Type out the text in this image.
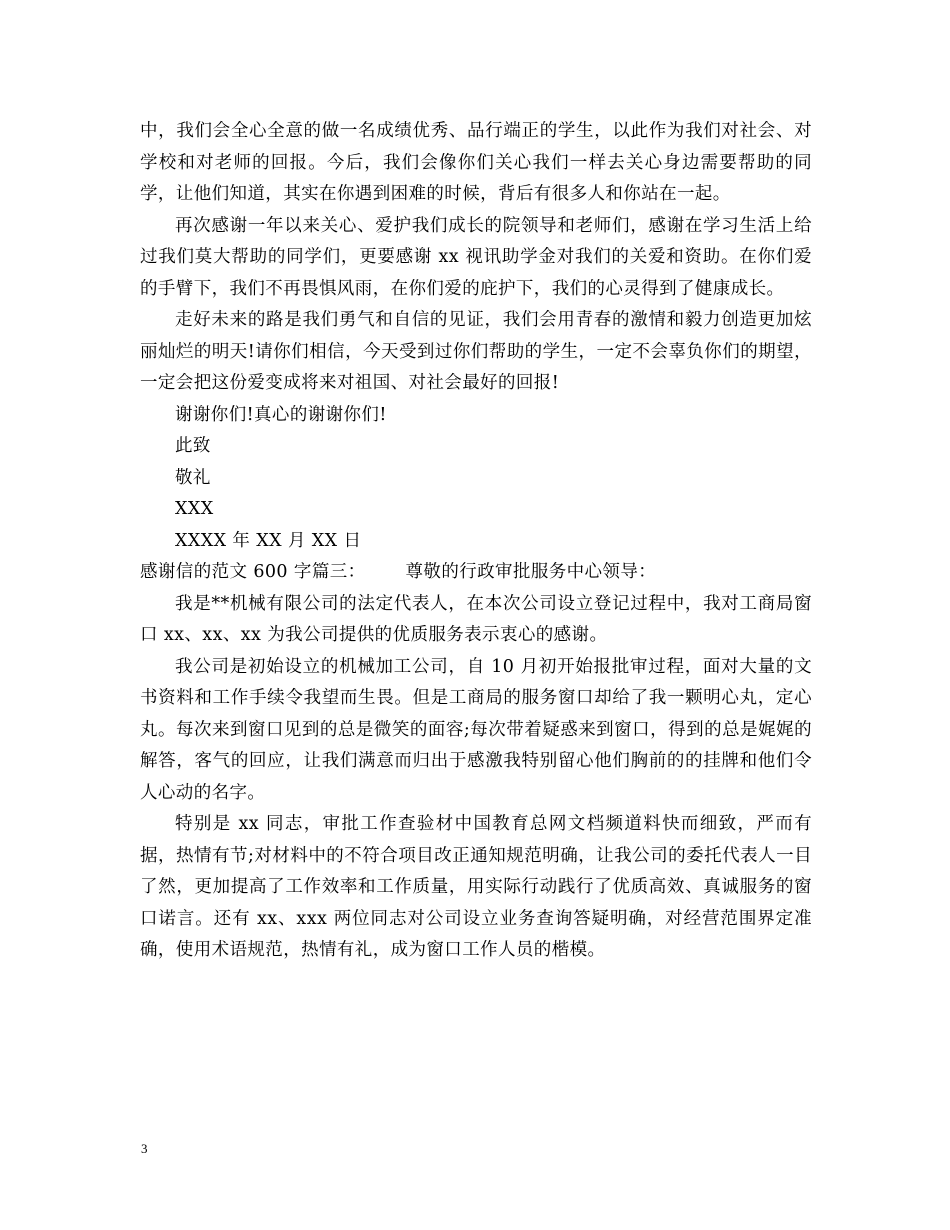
中，我们会全心全意的做一名成绩优秀、品行端正的学生，以此作为我们对社会、对学校和对老师的回报。今后，我们会像你们关心我们一样去关心身边需要帮助的同学，让他们知道，其实在你遇到困难的时候，背后有很多人和你站在一起。

再次感谢一年以来关心、爱护我们成长的院领导和老师们，感谢在学习生活上给过我们莫大帮助的同学们，更要感谢 xx 视讯助学金对我们的关爱和资助。在你们爱的手臂下，我们不再畏惧风雨，在你们爱的庇护下，我们的心灵得到了健康成长。

走好未来的路是我们勇气和自信的见证，我们会用青春的激情和毅力创造更加炫丽灿烂的明天!请你们相信，今天受到过你们帮助的学生，一定不会辜负你们的期望，一定会把这份爱变成将来对祖国、对社会最好的回报!

谢谢你们!真心的谢谢你们!

此致

敬礼

XXX

XXXX 年 XX 月 XX 日

感谢信的范文 600 字篇三： 尊敬的行政审批服务中心领导：

我是**机械有限公司的法定代表人，在本次公司设立登记过程中，我对工商局窗口 xx、xx、xx 为我公司提供的优质服务表示衷心的感谢。

我公司是初始设立的机械加工公司，自 10 月初开始报批审过程，面对大量的文书资料和工作手续令我望而生畏。但是工商局的服务窗口却给了我一颗明心丸，定心丸。每次来到窗口见到的总是微笑的面容;每次带着疑惑来到窗口，得到的总是娓娓的解答，客气的回应，让我们满意而归出于感激我特别留心他们胸前的的挂牌和他们令人心动的名字。

特别是 xx 同志，审批工作查验材中国教育总网文档频道料快而细致，严而有据，热情有节;对材料中的不符合项目改正通知规范明确，让我公司的委托代表人一目了然，更加提高了工作效率和工作质量，用实际行动践行了优质高效、真诚服务的窗口诺言。还有 xx、xxx 两位同志对公司设立业务查询答疑明确，对经营范围界定准确，使用术语规范，热情有礼，成为窗口工作人员的楷模。

3
